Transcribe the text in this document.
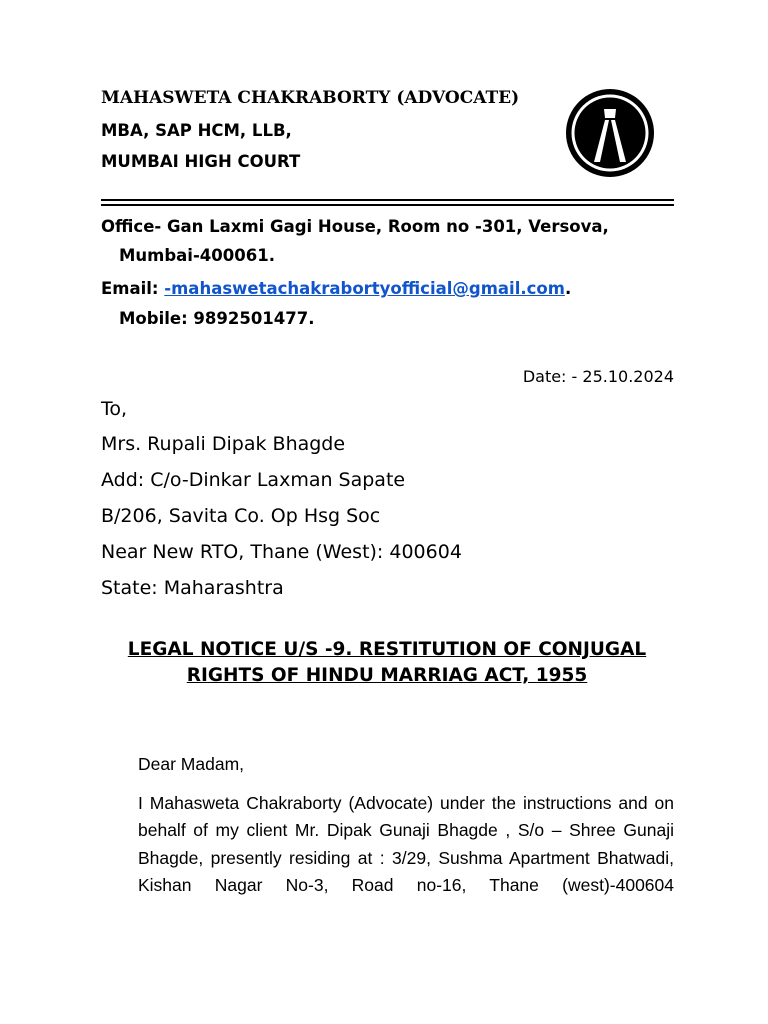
MAHASWETA CHAKRABORTY (ADVOCATE)
MBA, SAP HCM, LLB,
MUMBAI HIGH COURT
Office- Gan Laxmi Gagi House, Room no -301, Versova,
Mumbai-400061.
Email: -mahaswetachakrabortyofficial@gmail.com.
Mobile: 9892501477.
Date: - 25.10.2024
To,
Mrs. Rupali Dipak Bhagde
Add: C/o-Dinkar Laxman Sapate
B/206, Savita Co. Op Hsg Soc
Near New RTO, Thane (West): 400604
State: Maharashtra
LEGAL NOTICE U/S -9. RESTITUTION OF CONJUGAL RIGHTS OF HINDU MARRIAG ACT, 1955
Dear Madam,
I Mahasweta Chakraborty (Advocate) under the instructions and on behalf of my client Mr. Dipak Gunaji Bhagde , S/o – Shree Gunaji Bhagde, presently residing at : 3/29, Sushma Apartment Bhatwadi, Kishan Nagar No-3, Road no-16, Thane (west)-400604
